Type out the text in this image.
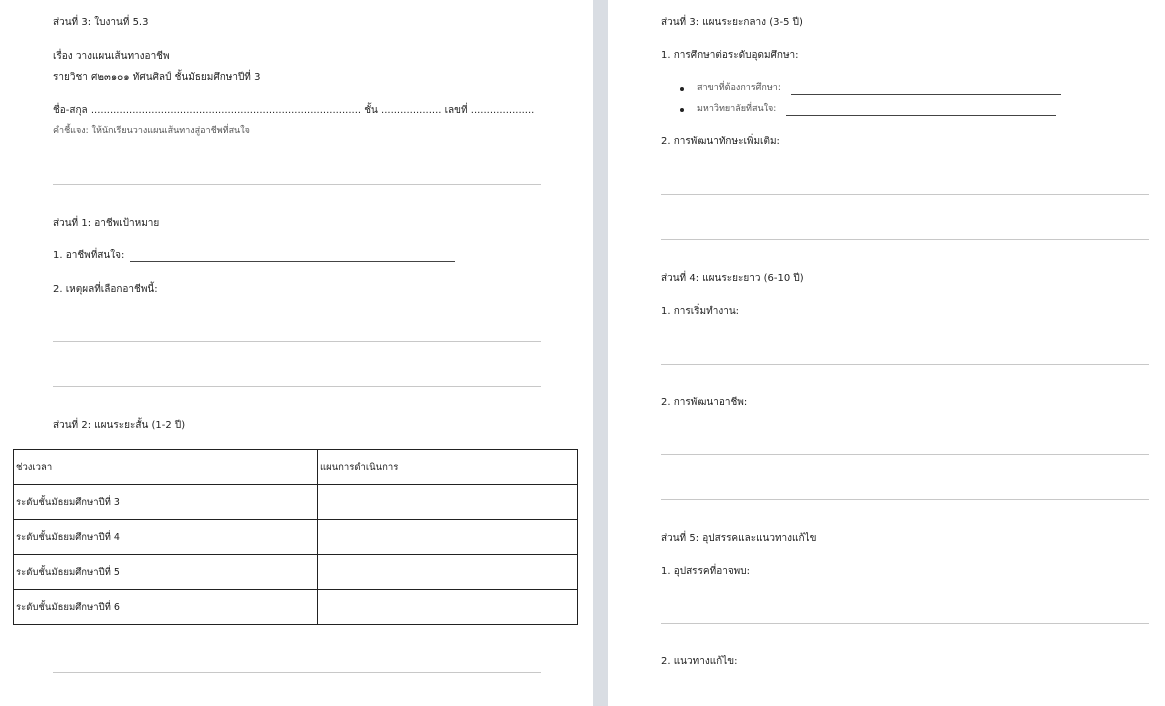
ส่วนที่ 3: ใบงานที่ 5.3
เรื่อง วางแผนเส้นทางอาชีพ
รายวิชา ศ๒๓๑๐๑ ทัศนศิลป์ ชั้นมัธยมศึกษาปีที่ 3
ชื่อ-สกุล ..................................................................................... ชั้น ................... เลขที่ ....................
คำชี้แจง: ให้นักเรียนวางแผนเส้นทางสู่อาชีพที่สนใจ
ส่วนที่ 1: อาชีพเป้าหมาย
1. อาชีพที่สนใจ:
2. เหตุผลที่เลือกอาชีพนี้:
ส่วนที่ 2: แผนระยะสั้น (1-2 ปี)
ช่วงเวลา	แผนการดำเนินการ
ระดับชั้นมัธยมศึกษาปีที่ 3	
ระดับชั้นมัธยมศึกษาปีที่ 4	
ระดับชั้นมัธยมศึกษาปีที่ 5	
ระดับชั้นมัธยมศึกษาปีที่ 6	
ส่วนที่ 3: แผนระยะกลาง (3-5 ปี)
1. การศึกษาต่อระดับอุดมศึกษา:
สาขาที่ต้องการศึกษา:
มหาวิทยาลัยที่สนใจ:
2. การพัฒนาทักษะเพิ่มเติม:
ส่วนที่ 4: แผนระยะยาว (6-10 ปี)
1. การเริ่มทำงาน:
2. การพัฒนาอาชีพ:
ส่วนที่ 5: อุปสรรคและแนวทางแก้ไข
1. อุปสรรคที่อาจพบ:
2. แนวทางแก้ไข:
